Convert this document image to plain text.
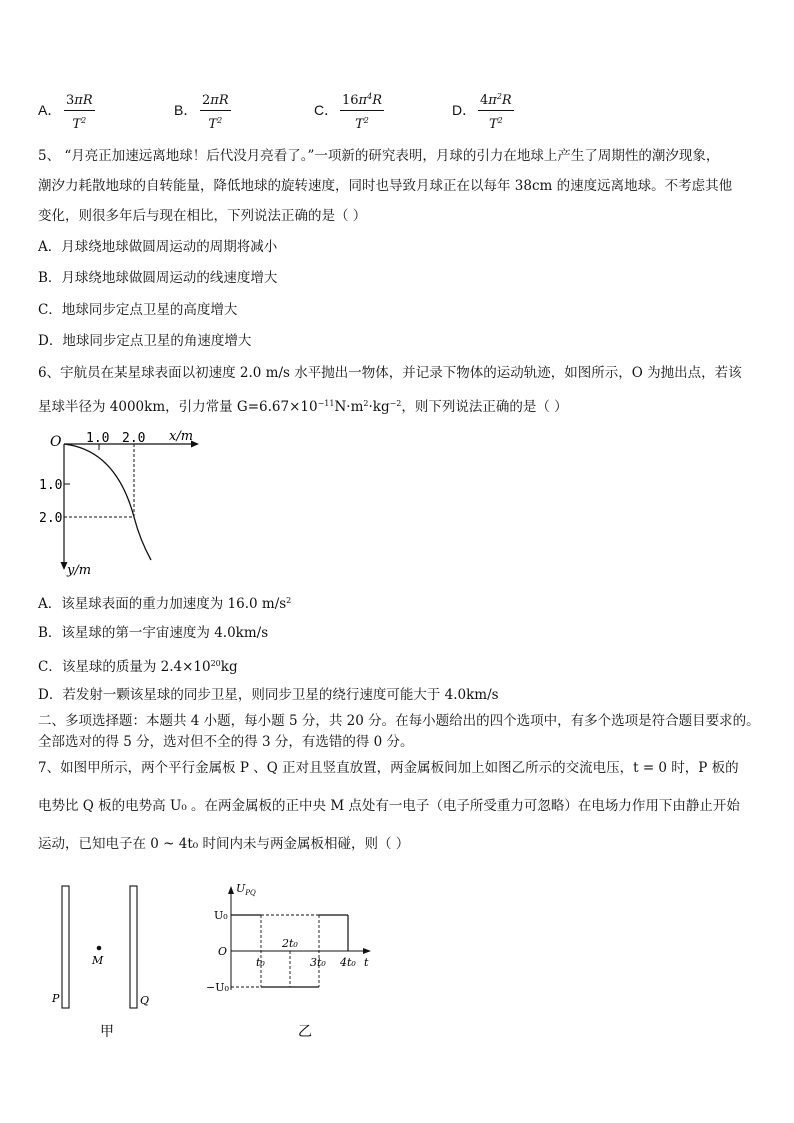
A． $\frac{3\pi R}{T^2}$	B． $\frac{2\pi R}{T^2}$	C． $\frac{16\pi^4R}{T^2}$	D． $\frac{4\pi^2R}{T^2}$
5、 “月亮正加速远离地球！后代没月亮看了。”一项新的研究表明，月球的引力在地球上产生了周期性的潮汐现象，
潮汐力耗散地球的自转能量，降低地球的旋转速度，同时也导致月球正在以每年 38cm 的速度远离地球。不考虑其他
变化，则很多年后与现在相比，下列说法正确的是（ ）
A．月球绕地球做圆周运动的周期将减小
B．月球绕地球做圆周运动的线速度增大
C．地球同步定点卫星的高度增大
D．地球同步定点卫星的角速度增大
6、宇航员在某星球表面以初速度 2.0 m/s 水平抛出一物体，并记录下物体的运动轨迹，如图所示，O 为抛出点，若该
星球半径为 4000km，引力常量 $G=6.67\times 10^{-11}N\cdot m^2\cdot kg^{-2}$，则下列说法正确的是（ ）
O 1.0 2.0 x/m
1.0
2.0
y/m
A．该星球表面的重力加速度为 16.0 $m/s^2$
B．该星球的第一宇宙速度为 4.0km/s
C．该星球的质量为 $2.4\times 10^{20}kg$
D．若发射一颗该星球的同步卫星，则同步卫星的绕行速度可能大于 4.0km/s
二、多项选择题：本题共 4 小题，每小题 5 分，共 20 分。在每小题给出的四个选项中，有多个选项是符合题目要求的。
全部选对的得 5 分，选对但不全的得 3 分，有选错的得 0 分。
7、如图甲所示，两个平行金属板 P 、Q 正对且竖直放置，两金属板间加上如图乙所示的交流电压，t = 0 时，P 板的
电势比 Q 板的电势高 U₀ 。在两金属板的正中央 M 点处有一电子（电子所受重力可忽略）在电场力作用下由静止开始
运动，已知电子在 0 ~ 4t₀ 时间内未与两金属板相碰，则（ ）
M
P	Q
甲
$U_{PQ}$
U₀
O
−U₀
t₀
2t₀
3t₀ 4t₀ t
乙
